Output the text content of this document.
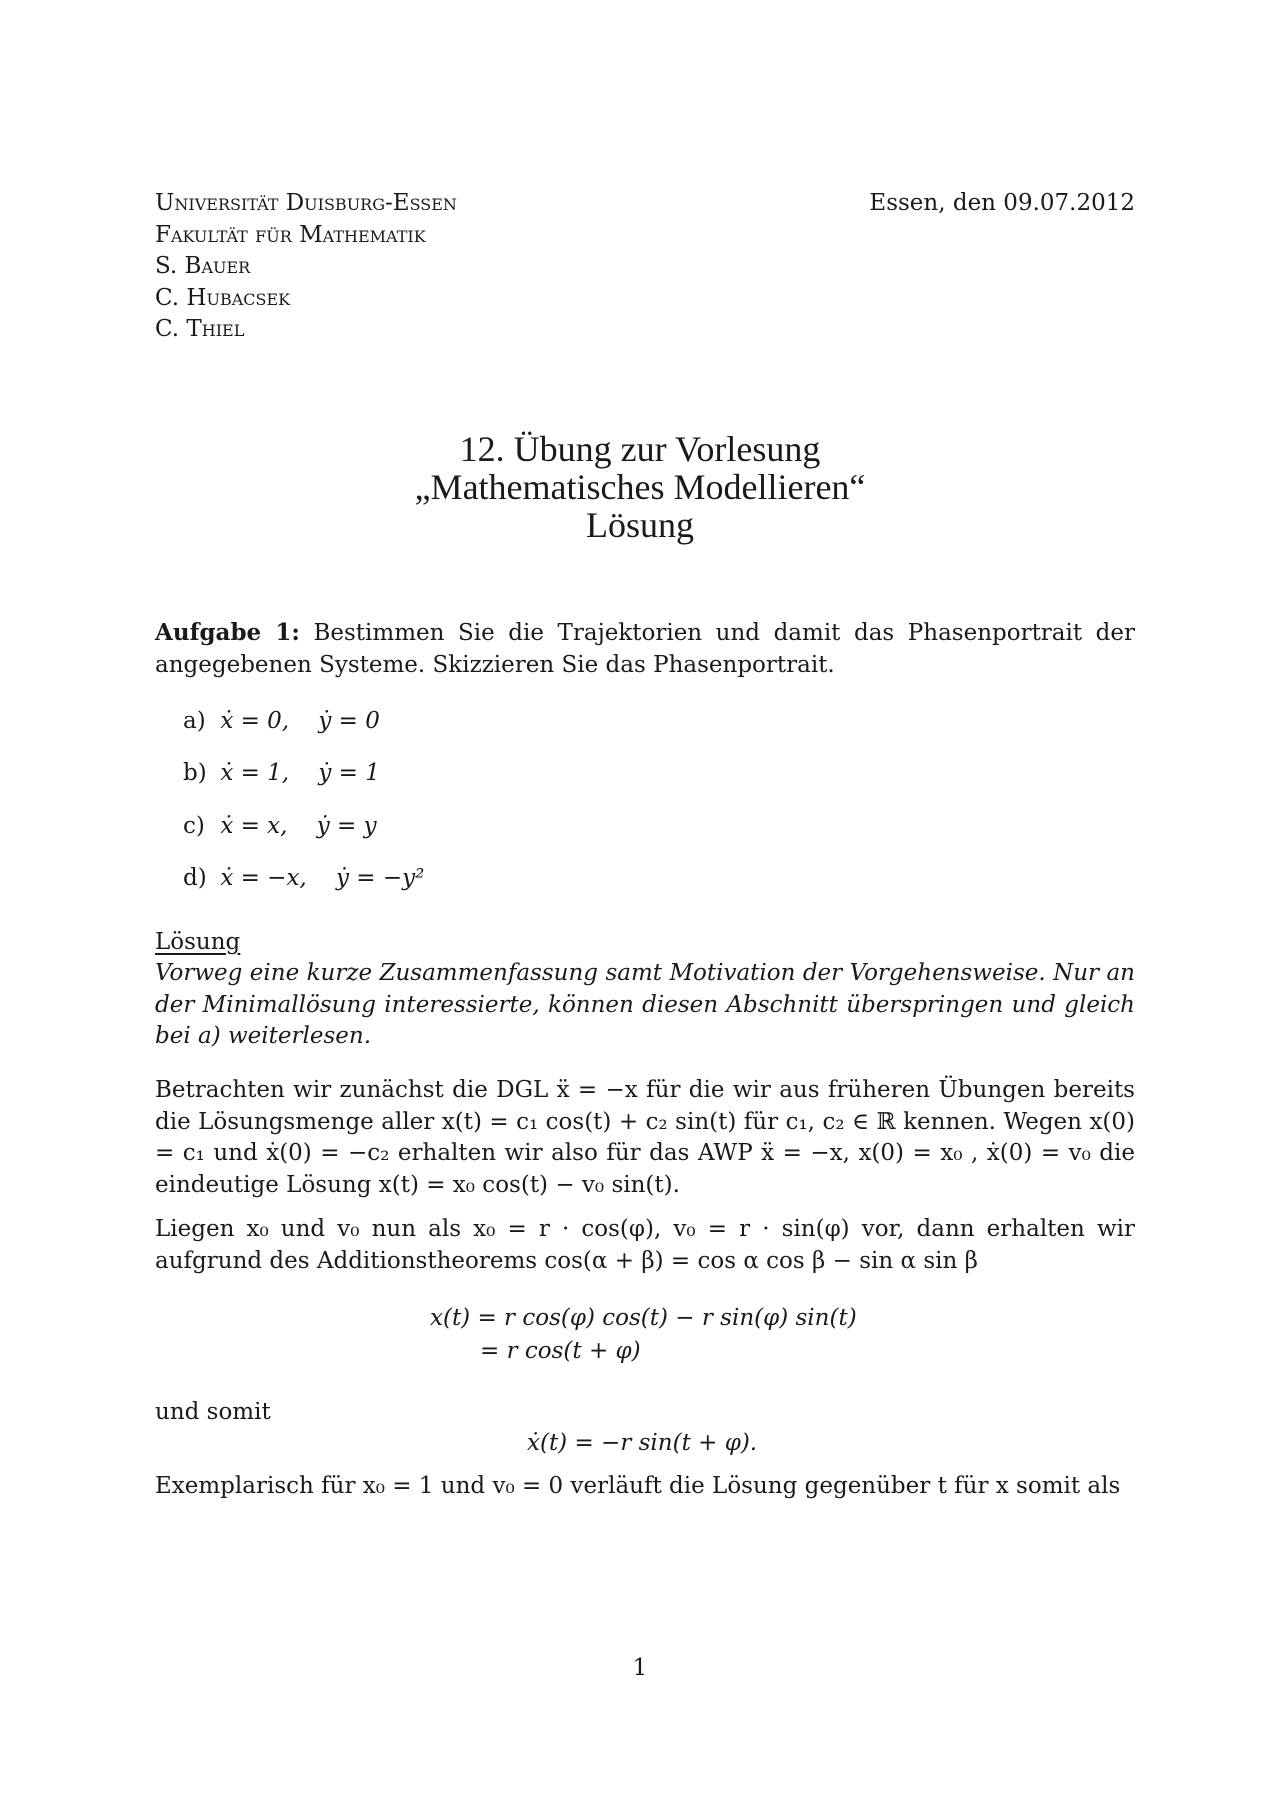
Universität Duisburg-Essen
Fakultät für Mathematik
S. Bauer
C. Hubacsek
C. Thiel
Essen, den 09.07.2012
12. Übung zur Vorlesung
„Mathematisches Modellieren“
Lösung
Aufgabe 1: Bestimmen Sie die Trajektorien und damit das Phasenportrait der angegebenen Systeme. Skizzieren Sie das Phasenportrait.
a) ẋ = 0, ẏ = 0
b) ẋ = 1, ẏ = 1
c) ẋ = x, ẏ = y
d) ẋ = −x, ẏ = −y²
Lösung
Vorweg eine kurze Zusammenfassung samt Motivation der Vorgehensweise. Nur an der Minimallösung interessierte, können diesen Abschnitt überspringen und gleich bei a) weiterlesen.
Betrachten wir zunächst die DGL ẍ = −x für die wir aus früheren Übungen bereits die Lösungsmenge aller x(t) = c₁ cos(t) + c₂ sin(t) für c₁, c₂ ∈ ℝ kennen. Wegen x(0) = c₁ und ẋ(0) = −c₂ erhalten wir also für das AWP ẍ = −x, x(0) = x₀ , ẋ(0) = v₀ die eindeutige Lösung x(t) = x₀ cos(t) − v₀ sin(t).
Liegen x₀ und v₀ nun als x₀ = r · cos(φ), v₀ = r · sin(φ) vor, dann erhalten wir aufgrund des Additionstheorems cos(α + β) = cos α cos β − sin α sin β
x(t) = r cos(φ) cos(t) − r sin(φ) sin(t)
= r cos(t + φ)
und somit
ẋ(t) = −r sin(t + φ).
Exemplarisch für x₀ = 1 und v₀ = 0 verläuft die Lösung gegenüber t für x somit als
1
